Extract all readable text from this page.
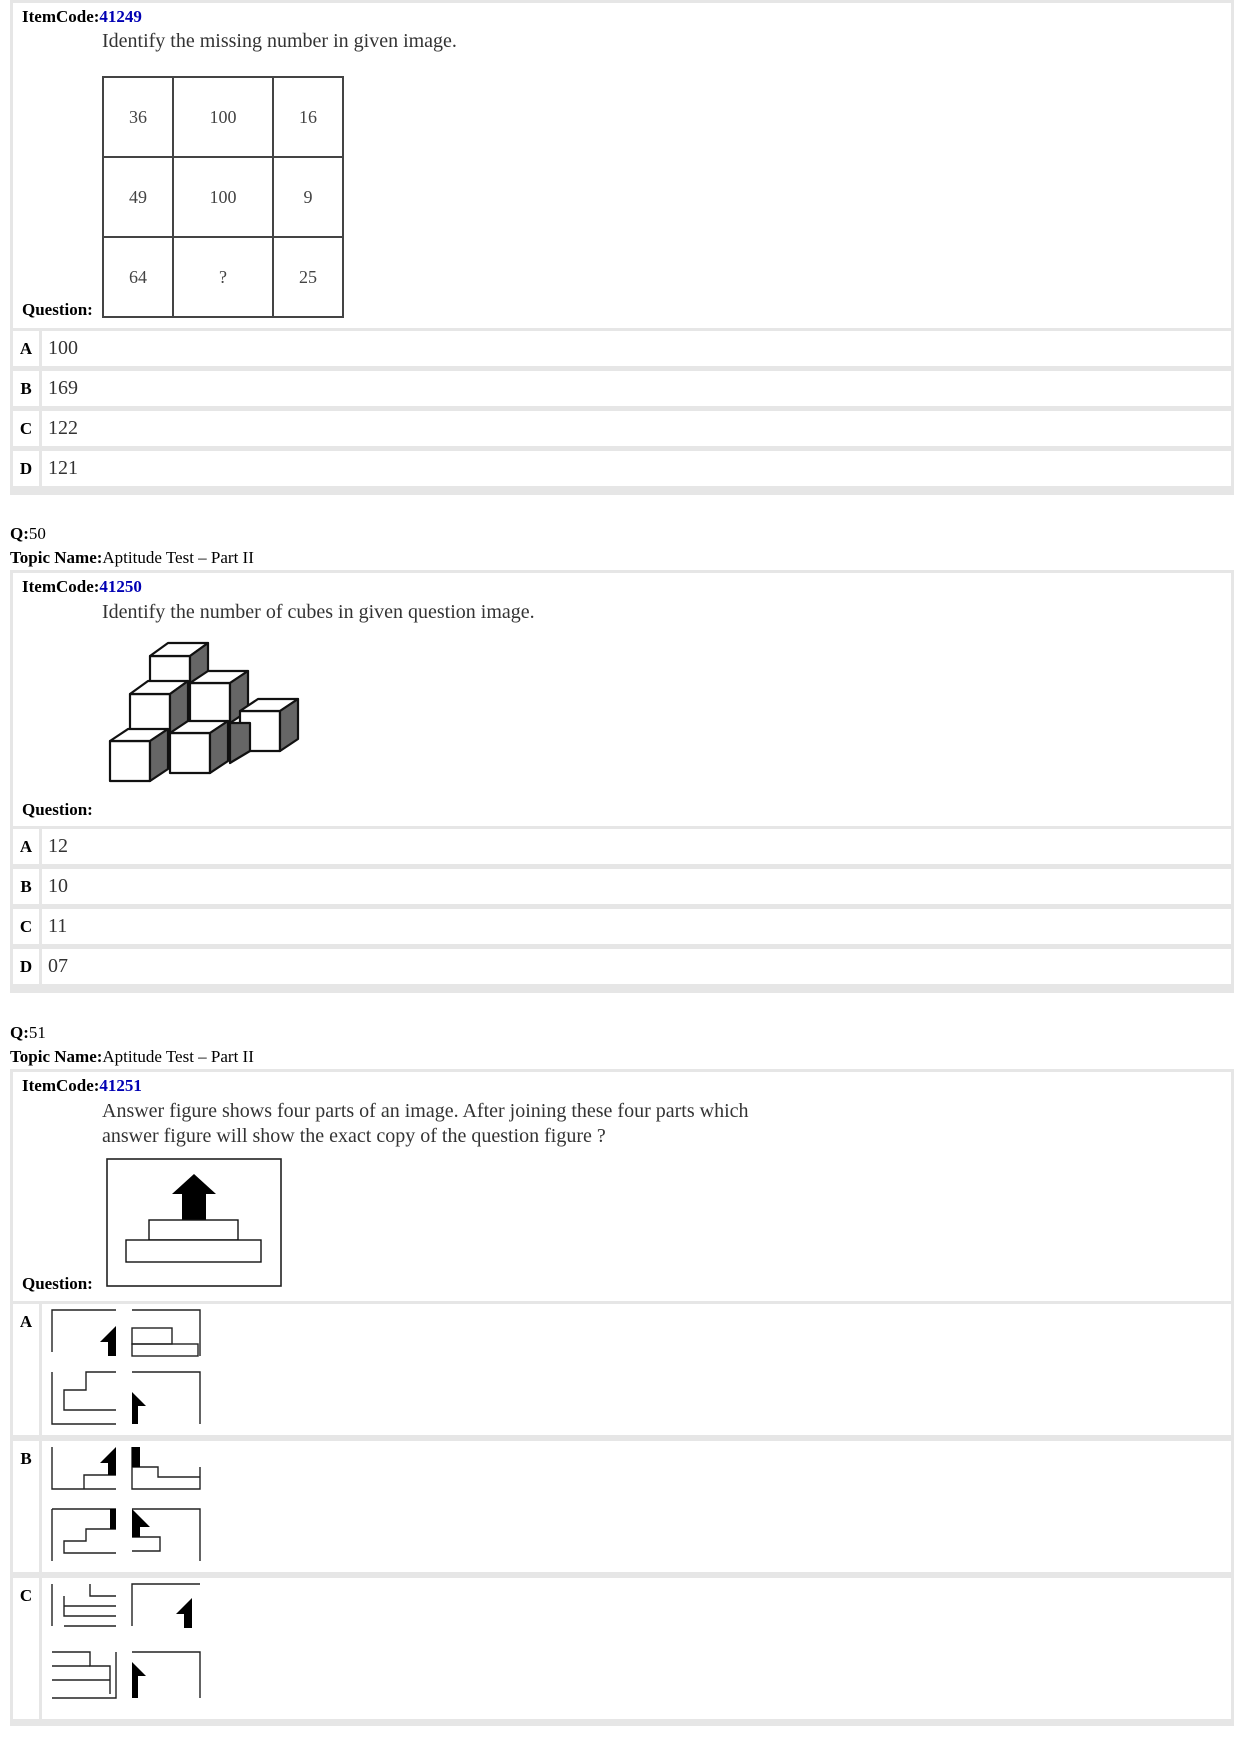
ItemCode:41249
Identify the missing number in given image.
36	100	16
49	100	9
64	?	25
Question:
A 100
B 169
C 122
D 121
Q:50
Topic Name:Aptitude Test – Part II
ItemCode:41250
Identify the number of cubes in given question image.
Question:
A 12
B 10
C 11
D 07
Q:51
Topic Name:Aptitude Test – Part II
ItemCode:41251
Answer figure shows four parts of an image. After joining these four parts which
answer figure will show the exact copy of the question figure ?
Question:
A
B
C
